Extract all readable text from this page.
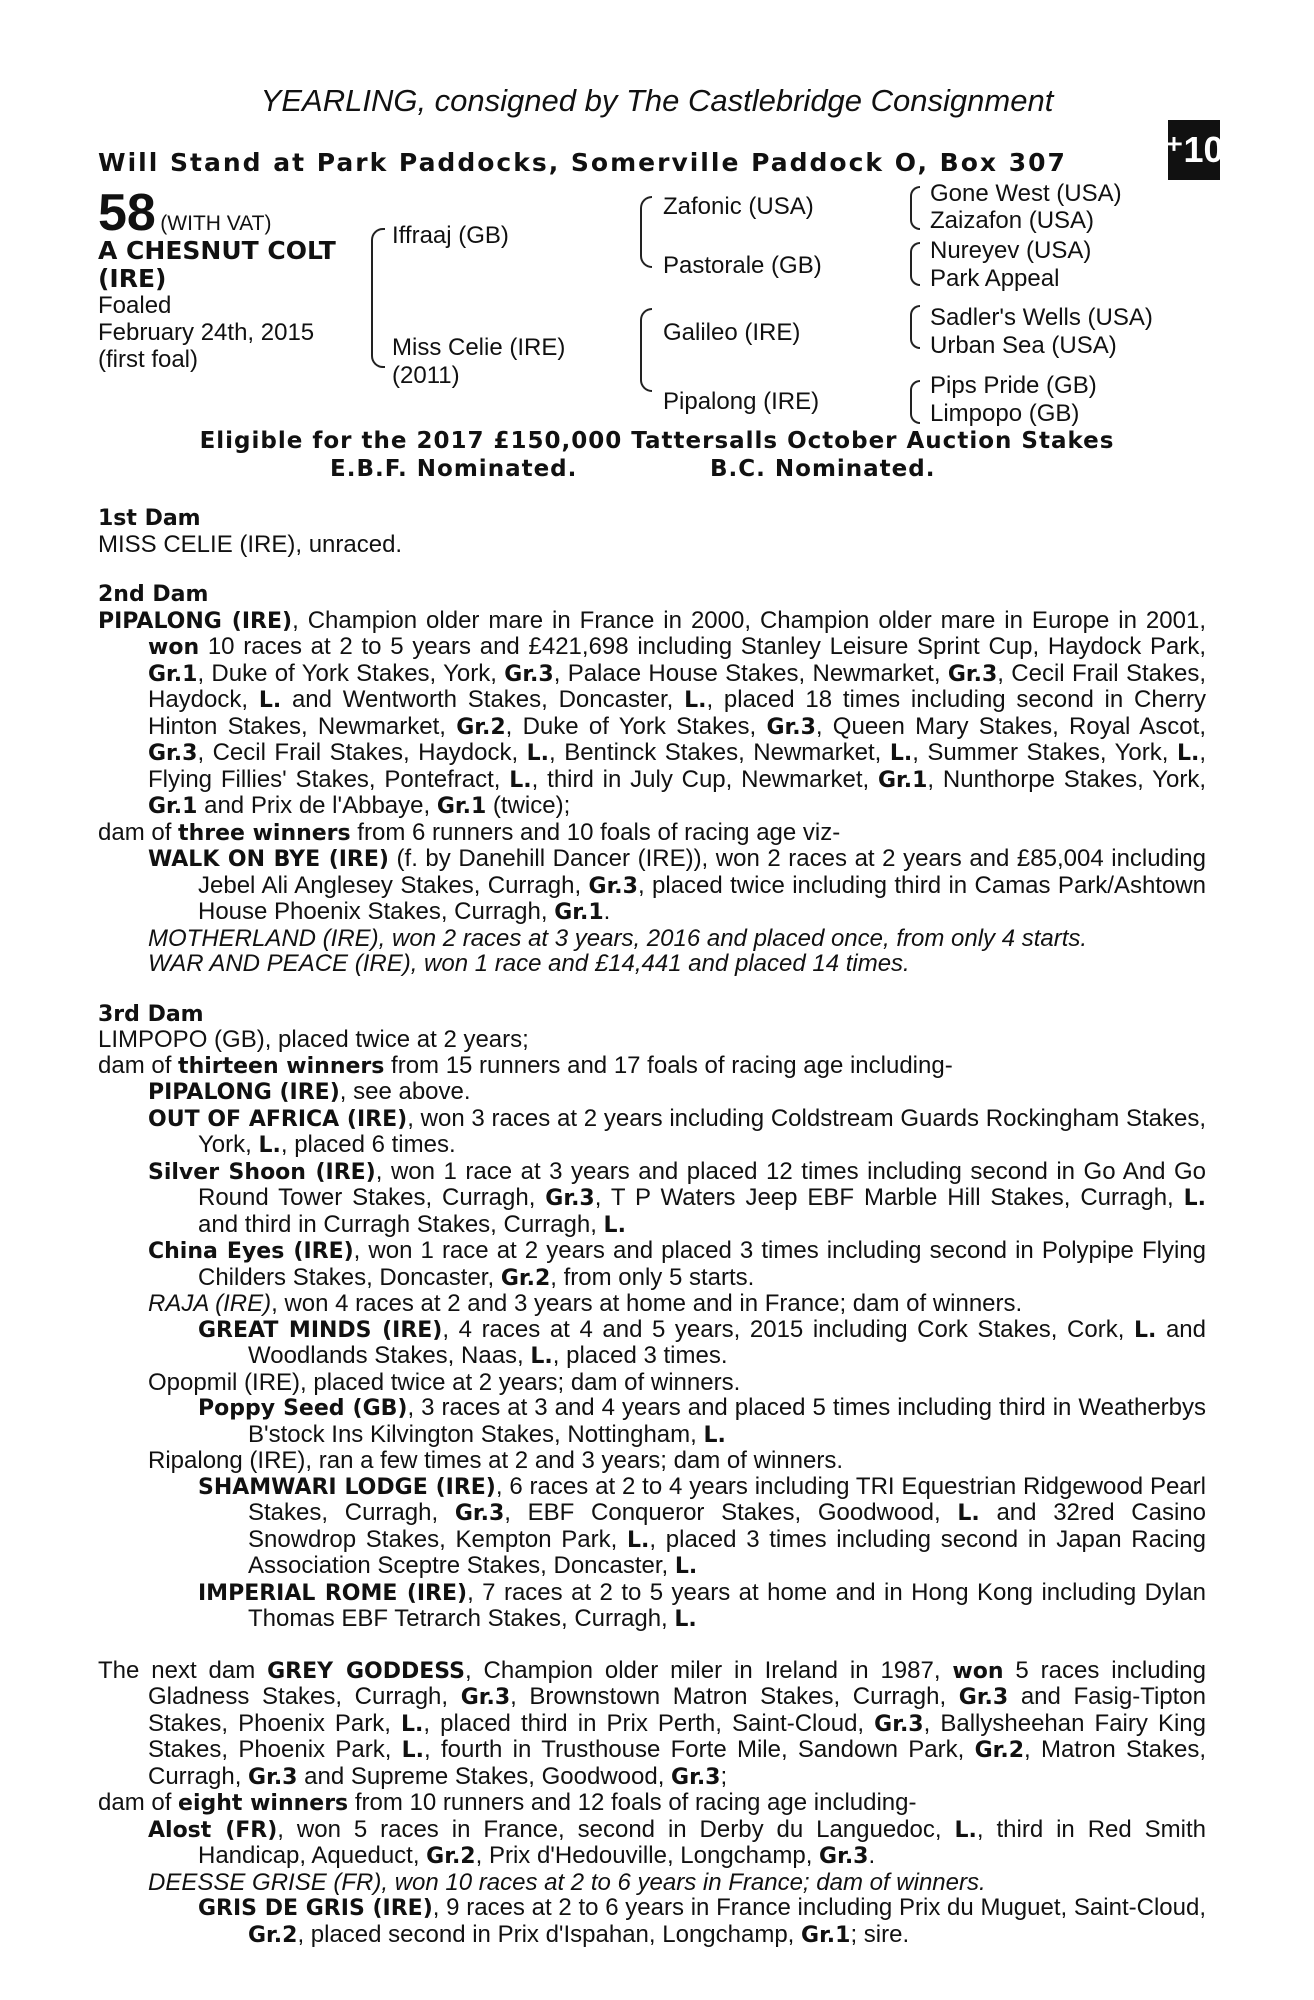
YEARLING, consigned by The Castlebridge Consignment
Will Stand at Park Paddocks, Somerville Paddock O, Box 307	⁺10
58 (WITH VAT)
A CHESNUT COLT
(IRE)
Foaled
February 24th, 2015
(first foal)
Iffraaj (GB)
Miss Celie (IRE)
(2011)
Zafonic (USA)
Pastorale (GB)
Galileo (IRE)
Pipalong (IRE)
Gone West (USA)
Zaizafon (USA)
Nureyev (USA)
Park Appeal
Sadler's Wells (USA)
Urban Sea (USA)
Pips Pride (GB)
Limpopo (GB)
Eligible for the 2017 £150,000 Tattersalls October Auction Stakes
E.B.F. Nominated.	B.C. Nominated.
1st Dam

MISS CELIE (IRE), unraced.

2nd Dam

PIPALONG (IRE), Champion older mare in France in 2000, Champion older mare in Europe in 2001, won 10 races at 2 to 5 years and £421,698 including Stanley Leisure Sprint Cup, Haydock Park, Gr.1, Duke of York Stakes, York, Gr.3, Palace House Stakes, Newmarket, Gr.3, Cecil Frail Stakes, Haydock, L. and Wentworth Stakes, Doncaster, L., placed 18 times including second in Cherry Hinton Stakes, Newmarket, Gr.2, Duke of York Stakes, Gr.3, Queen Mary Stakes, Royal Ascot, Gr.3, Cecil Frail Stakes, Haydock, L., Bentinck Stakes, Newmarket, L., Summer Stakes, York, L., Flying Fillies' Stakes, Pontefract, L., third in July Cup, Newmarket, Gr.1, Nunthorpe Stakes, York, Gr.1 and Prix de l'Abbaye, Gr.1 (twice);

dam of three winners from 6 runners and 10 foals of racing age viz-

WALK ON BYE (IRE) (f. by Danehill Dancer (IRE)), won 2 races at 2 years and £85,004 including Jebel Ali Anglesey Stakes, Curragh, Gr.3, placed twice including third in Camas Park/Ashtown House Phoenix Stakes, Curragh, Gr.1.

MOTHERLAND (IRE), won 2 races at 3 years, 2016 and placed once, from only 4 starts.

WAR AND PEACE (IRE), won 1 race and £14,441 and placed 14 times.

3rd Dam

LIMPOPO (GB), placed twice at 2 years;

dam of thirteen winners from 15 runners and 17 foals of racing age including-

PIPALONG (IRE), see above.

OUT OF AFRICA (IRE), won 3 races at 2 years including Coldstream Guards Rockingham Stakes, York, L., placed 6 times.

Silver Shoon (IRE), won 1 race at 3 years and placed 12 times including second in Go And Go Round Tower Stakes, Curragh, Gr.3, T P Waters Jeep EBF Marble Hill Stakes, Curragh, L. and third in Curragh Stakes, Curragh, L.

China Eyes (IRE), won 1 race at 2 years and placed 3 times including second in Polypipe Flying Childers Stakes, Doncaster, Gr.2, from only 5 starts.

RAJA (IRE), won 4 races at 2 and 3 years at home and in France; dam of winners.

GREAT MINDS (IRE), 4 races at 4 and 5 years, 2015 including Cork Stakes, Cork, L. and Woodlands Stakes, Naas, L., placed 3 times.

Opopmil (IRE), placed twice at 2 years; dam of winners.

Poppy Seed (GB), 3 races at 3 and 4 years and placed 5 times including third in Weatherbys B'stock Ins Kilvington Stakes, Nottingham, L.

Ripalong (IRE), ran a few times at 2 and 3 years; dam of winners.

SHAMWARI LODGE (IRE), 6 races at 2 to 4 years including TRI Equestrian Ridgewood Pearl Stakes, Curragh, Gr.3, EBF Conqueror Stakes, Goodwood, L. and 32red Casino Snowdrop Stakes, Kempton Park, L., placed 3 times including second in Japan Racing Association Sceptre Stakes, Doncaster, L.

IMPERIAL ROME (IRE), 7 races at 2 to 5 years at home and in Hong Kong including Dylan Thomas EBF Tetrarch Stakes, Curragh, L.

The next dam GREY GODDESS, Champion older miler in Ireland in 1987, won 5 races including Gladness Stakes, Curragh, Gr.3, Brownstown Matron Stakes, Curragh, Gr.3 and Fasig-Tipton Stakes, Phoenix Park, L., placed third in Prix Perth, Saint-Cloud, Gr.3, Ballysheehan Fairy King Stakes, Phoenix Park, L., fourth in Trusthouse Forte Mile, Sandown Park, Gr.2, Matron Stakes, Curragh, Gr.3 and Supreme Stakes, Goodwood, Gr.3;

dam of eight winners from 10 runners and 12 foals of racing age including-

Alost (FR), won 5 races in France, second in Derby du Languedoc, L., third in Red Smith Handicap, Aqueduct, Gr.2, Prix d'Hedouville, Longchamp, Gr.3.

DEESSE GRISE (FR), won 10 races at 2 to 6 years in France; dam of winners.

GRIS DE GRIS (IRE), 9 races at 2 to 6 years in France including Prix du Muguet, Saint-Cloud, Gr.2, placed second in Prix d'Ispahan, Longchamp, Gr.1; sire.
